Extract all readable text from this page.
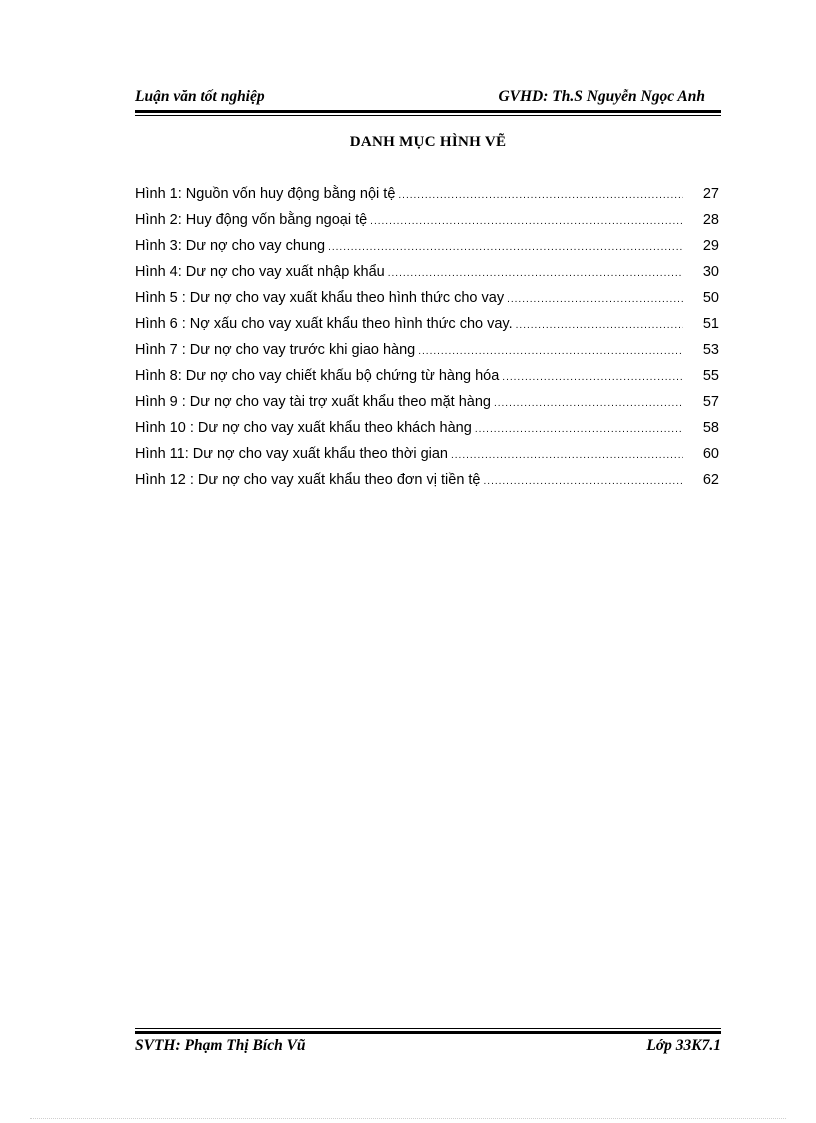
Luận văn tốt nghiệp	GVHD: Th.S Nguyễn Ngọc Anh
DANH MỤC HÌNH VẼ
Hình 1: Nguồn vốn huy động bằng nội tệ .....	27
Hình 2: Huy động vốn bằng ngoại tệ .....	28
Hình 3: Dư nợ cho vay chung .....	29
Hình 4: Dư nợ cho vay xuất nhập khẩu .....	30
Hình 5 : Dư nợ cho vay xuất khẩu theo hình thức cho vay .....	50
Hình 6 : Nợ xấu cho vay xuất khẩu theo hình thức cho vay. .....	51
Hình 7 : Dư nợ cho vay trước khi giao hàng .....	53
Hình 8: Dư nợ cho vay chiết khấu bộ chứng từ hàng hóa .....	55
Hình 9 : Dư nợ cho vay tài trợ xuất khẩu theo mặt hàng .....	57
Hình 10 : Dư nợ cho vay xuất khẩu theo khách hàng .....	58
Hình 11: Dư nợ cho vay xuất khẩu theo thời gian .....	60
Hình 12 : Dư nợ cho vay xuất khẩu theo đơn vị tiền tệ .....	62
SVTH: Phạm Thị Bích Vũ	Lớp 33K7.1
